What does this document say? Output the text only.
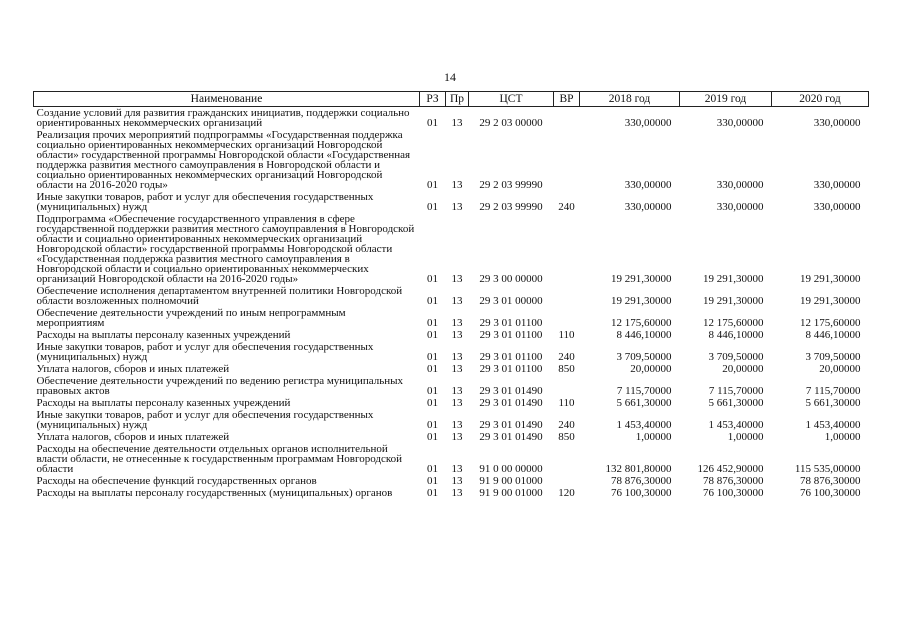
14
Наименование	РЗ	Пр	ЦСТ	ВР	2018 год	2019 год	2020 год
Создание условий для развития гражданских инициатив, поддержки социально ориентированных некоммерческих организаций	01	13	29 2 03 00000		330,00000	330,00000	330,00000
Реализация прочих мероприятий подпрограммы «Государственная поддержка социально ориентированных некоммерческих организаций Новгородской области» государственной программы Новгородской области «Государственная поддержка развития местного самоуправления в Новгородской области и социально ориентированных некоммерческих организаций Новгородской области на 2016-2020 годы»	01	13	29 2 03 99990		330,00000	330,00000	330,00000
Иные закупки товаров, работ и услуг для обеспечения государственных (муниципальных) нужд	01	13	29 2 03 99990	240	330,00000	330,00000	330,00000
Подпрограмма «Обеспечение государственного управления в сфере государственной поддержки развития местного самоуправления в Новгородской области и социально ориентированных некоммерческих организаций Новгородской области» государственной программы Новгородской области «Государственная поддержка развития местного самоуправления в Новгородской области и социально ориентированных некоммерческих организаций Новгородской области на 2016-2020 годы»	01	13	29 3 00 00000		19 291,30000	19 291,30000	19 291,30000
Обеспечение исполнения департаментом внутренней политики Новгородской области возложенных полномочий	01	13	29 3 01 00000		19 291,30000	19 291,30000	19 291,30000
Обеспечение деятельности учреждений по иным непрограммным мероприятиям	01	13	29 3 01 01100		12 175,60000	12 175,60000	12 175,60000
Расходы на выплаты персоналу казенных учреждений	01	13	29 3 01 01100	110	8 446,10000	8 446,10000	8 446,10000
Иные закупки товаров, работ и услуг для обеспечения государственных (муниципальных) нужд	01	13	29 3 01 01100	240	3 709,50000	3 709,50000	3 709,50000
Уплата налогов, сборов и иных платежей	01	13	29 3 01 01100	850	20,00000	20,00000	20,00000
Обеспечение деятельности учреждений по ведению регистра муниципальных правовых актов	01	13	29 3 01 01490		7 115,70000	7 115,70000	7 115,70000
Расходы на выплаты персоналу казенных учреждений	01	13	29 3 01 01490	110	5 661,30000	5 661,30000	5 661,30000
Иные закупки товаров, работ и услуг для обеспечения государственных (муниципальных) нужд	01	13	29 3 01 01490	240	1 453,40000	1 453,40000	1 453,40000
Уплата налогов, сборов и иных платежей	01	13	29 3 01 01490	850	1,00000	1,00000	1,00000
Расходы на обеспечение деятельности отдельных органов исполнительной власти области, не отнесенные к государственным программам Новгородской области	01	13	91 0 00 00000		132 801,80000	126 452,90000	115 535,00000
Расходы на обеспечение функций государственных органов	01	13	91 9 00 01000		78 876,30000	78 876,30000	78 876,30000
Расходы на выплаты персоналу государственных (муниципальных) органов	01	13	91 9 00 01000	120	76 100,30000	76 100,30000	76 100,30000
